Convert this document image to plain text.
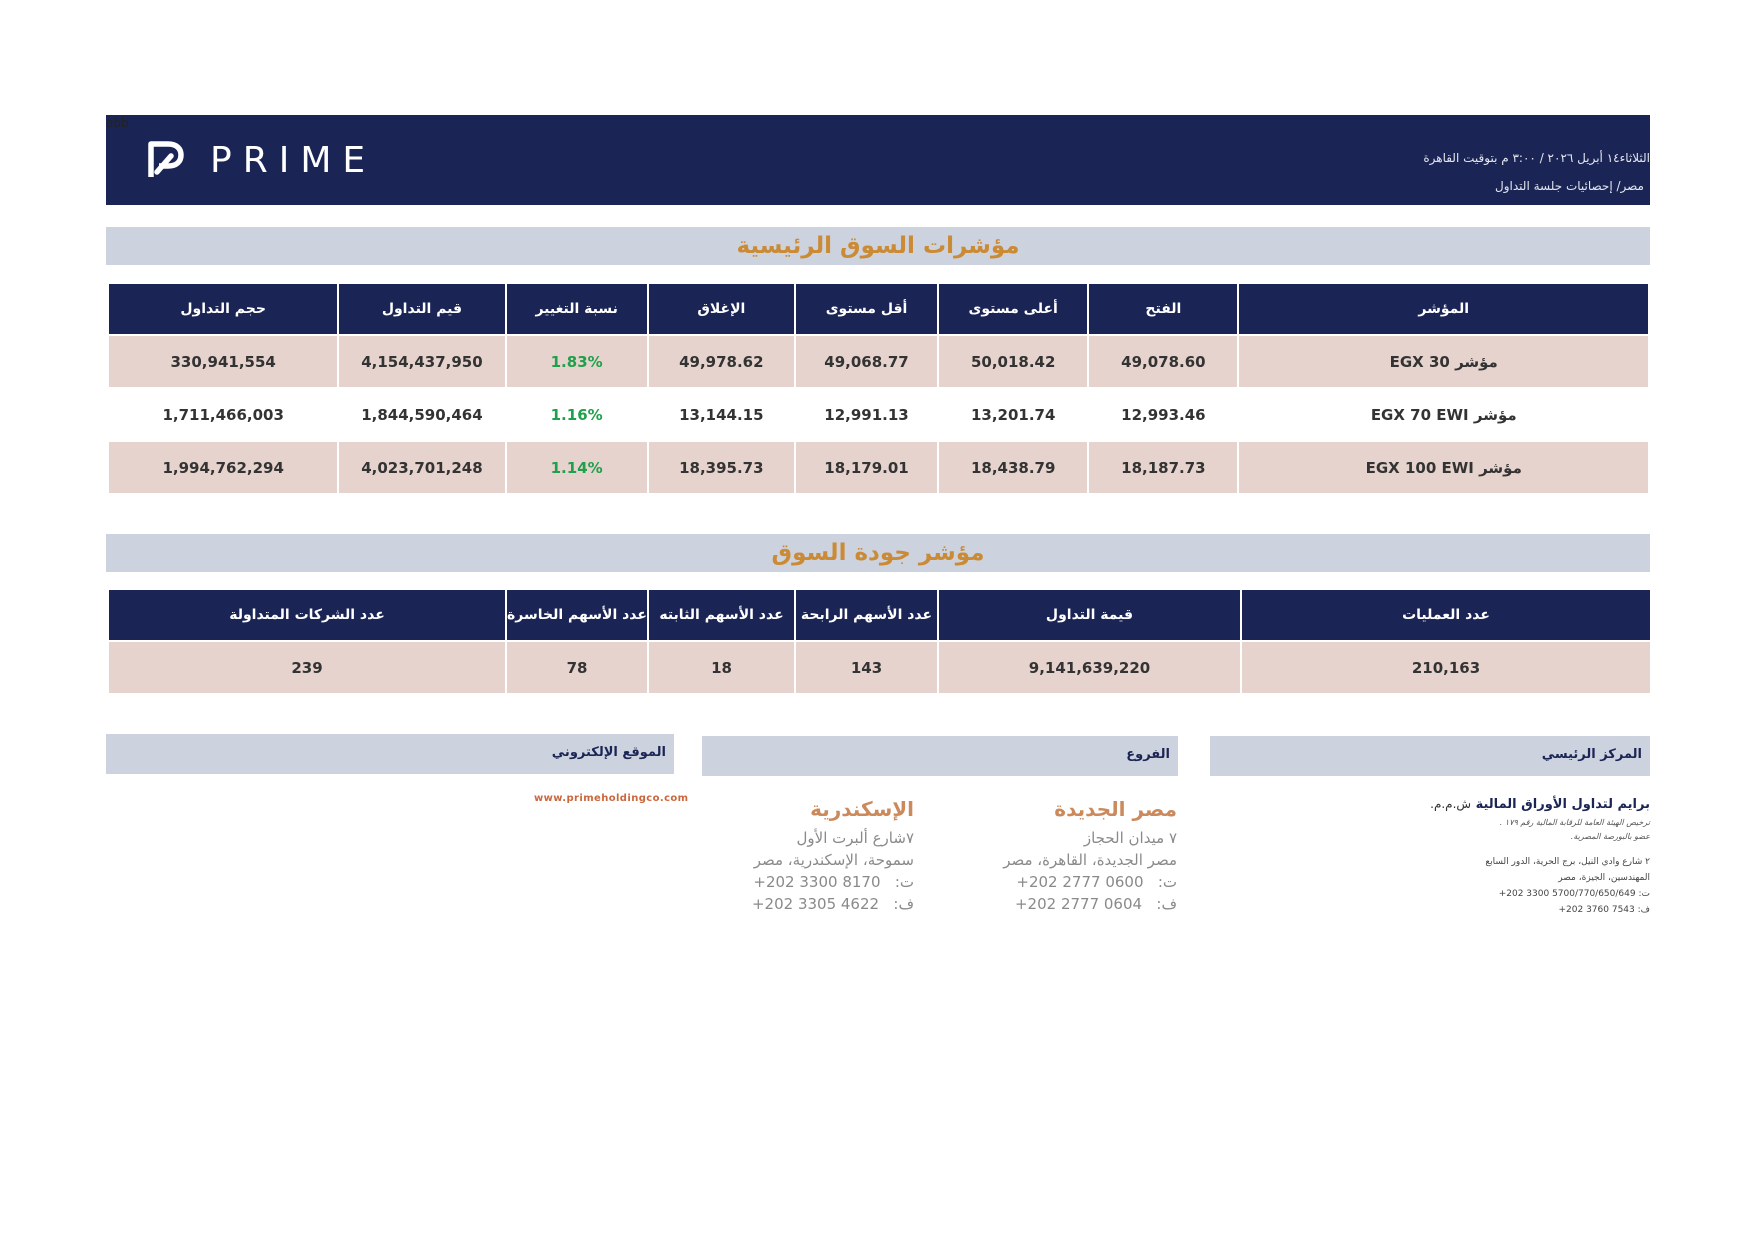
abb
PRIME	الثلاثاء١٤ أبريل ٢٠٢٦ / ٣:٠٠ م بتوقيت القاهرة
مصر/ إحصائيات جلسة التداول
مؤشرات السوق الرئيسية
المؤشر	الفتح	أعلى مستوى	أقل مستوى	الإغلاق	نسبة التغيير	قيم التداول	حجم التداول
مؤشر EGX 30	49,078.60	50,018.42	49,068.77	49,978.62	1.83%	4,154,437,950	330,941,554
مؤشر EGX 70 EWI	12,993.46	13,201.74	12,991.13	13,144.15	1.16%	1,844,590,464	1,711,466,003
مؤشر EGX 100 EWI	18,187.73	18,438.79	18,179.01	18,395.73	1.14%	4,023,701,248	1,994,762,294
مؤشر جودة السوق
عدد العمليات	قيمة التداول	عدد الأسهم الرابحة	عدد الأسهم الثابته	عدد الأسهم الخاسرة	عدد الشركات المتداولة
210,163	9,141,639,220	143	18	78	239
المركز الرئيسي
الفروع
الموقع الإلكتروني
www.primeholdingco.com	مصر الجديدة
٧ ميدان الحجاز
مصر الجديدة، القاهرة، مصر
ت:   +202 2777 0600
ف:   +202 2777 0604
الإسكندرية
٧شارع ألبرت الأول
سموحة، الإسكندرية، مصر
ت:   +202 3300 8170
ف:   +202 3305 4622
برايم لتداول الأوراق المالية ش.م.م.
ترخيص الهيئة العامة للرقابة المالية رقم ١٧٩ .
عضو بالبورصة المصرية.
٢ شارع وادي النيل، برج الحرية، الدور السابع
المهندسين، الجيزة، مصر
ت: +202 3300 5700/770/650/649
ف: +202 3760 7543
